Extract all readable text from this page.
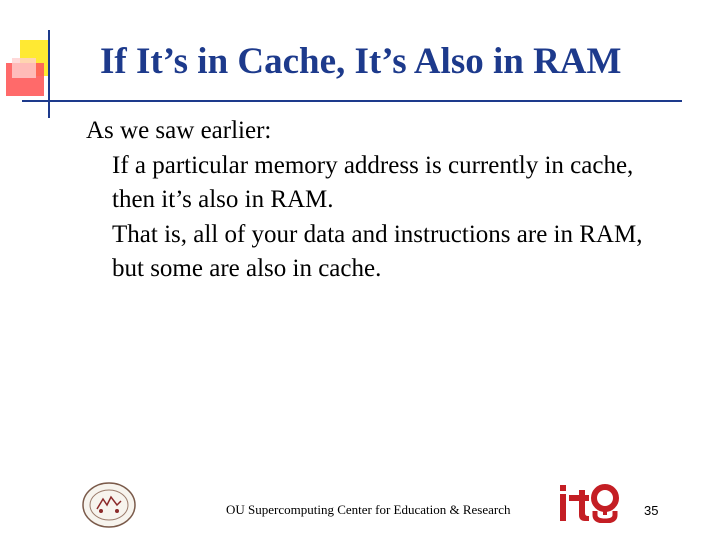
If It’s in Cache, It’s Also in RAM
As we saw earlier:
If a particular memory address is currently in cache, then it’s also in RAM.
That is, all of your data and instructions are in RAM, but some are also in cache.
OU Supercomputing Center for Education & Research	35
